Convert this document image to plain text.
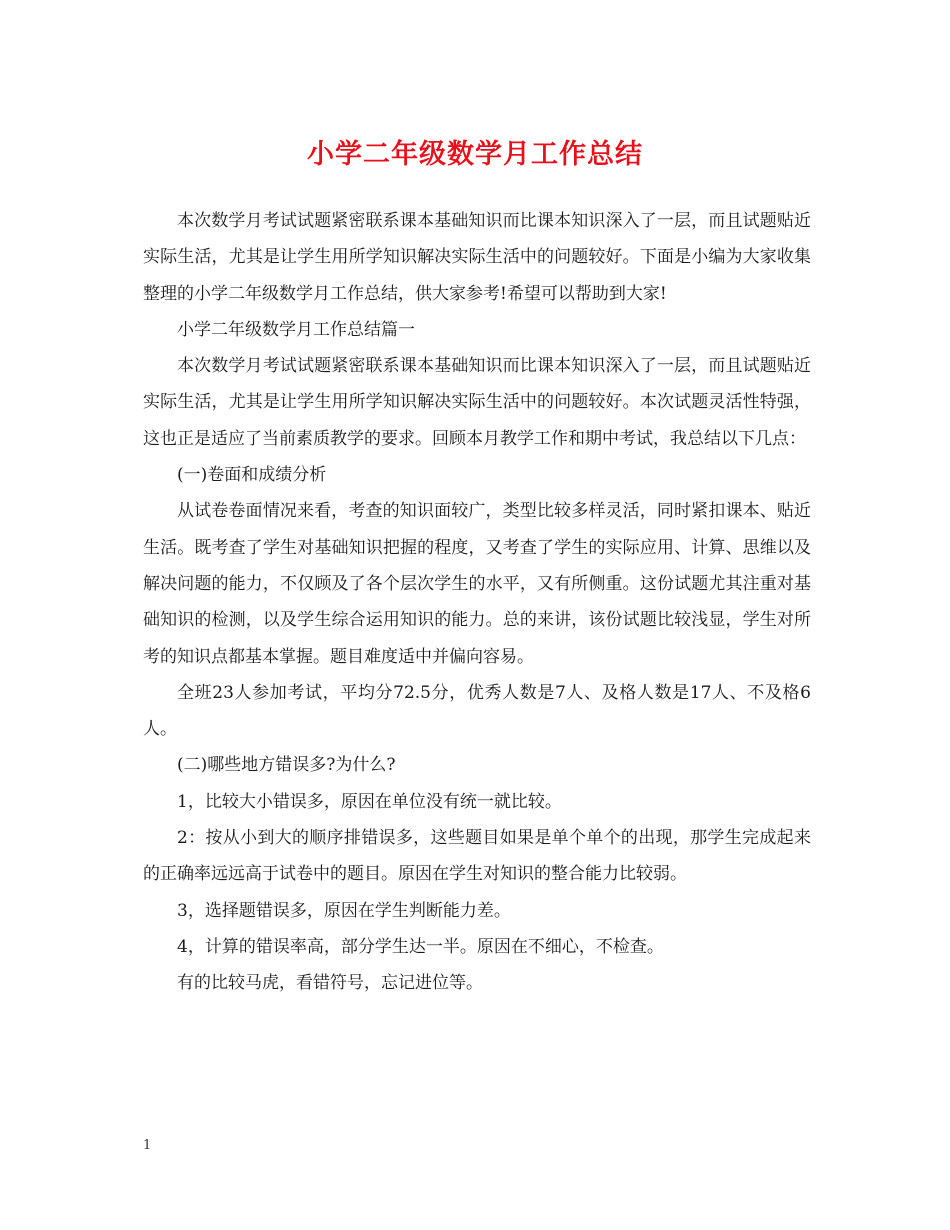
小学二年级数学月工作总结

本次数学月考试试题紧密联系课本基础知识而比课本知识深入了一层，而且试题贴近实际生活，尤其是让学生用所学知识解决实际生活中的问题较好。下面是小编为大家收集整理的小学二年级数学月工作总结，供大家参考!希望可以帮助到大家!

小学二年级数学月工作总结篇一

本次数学月考试试题紧密联系课本基础知识而比课本知识深入了一层，而且试题贴近实际生活，尤其是让学生用所学知识解决实际生活中的问题较好。本次试题灵活性特强，这也正是适应了当前素质教学的要求。回顾本月教学工作和期中考试，我总结以下几点：

(一)卷面和成绩分析

从试卷卷面情况来看，考查的知识面较广，类型比较多样灵活，同时紧扣课本、贴近生活。既考查了学生对基础知识把握的程度，又考查了学生的实际应用、计算、思维以及解决问题的能力，不仅顾及了各个层次学生的水平，又有所侧重。这份试题尤其注重对基础知识的检测，以及学生综合运用知识的能力。总的来讲，该份试题比较浅显，学生对所考的知识点都基本掌握。题目难度适中并偏向容易。

全班23人参加考试，平均分72.5分，优秀人数是7人、及格人数是17人、不及格6人。

(二)哪些地方错误多?为什么?

1，比较大小错误多，原因在单位没有统一就比较。

2：按从小到大的顺序排错误多，这些题目如果是单个单个的出现，那学生完成起来的正确率远远高于试卷中的题目。原因在学生对知识的整合能力比较弱。

3，选择题错误多，原因在学生判断能力差。

4，计算的错误率高，部分学生达一半。原因在不细心，不检查。

有的比较马虎，看错符号，忘记进位等。

1
